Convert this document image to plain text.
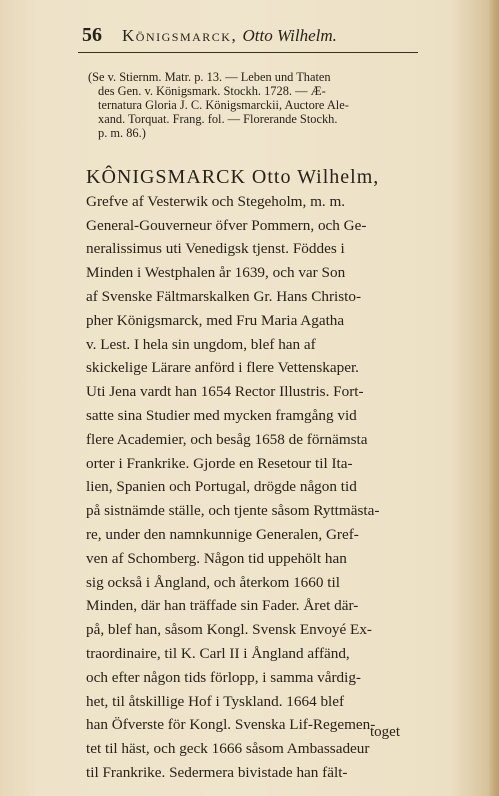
56 Königsmarck, Otto Wilhelm.
(Se v. Stiernm. Matr. p. 13. — Leben und Thaten
des Gen. v. Königsmark. Stockh. 1728. — Æ-
ternatura Gloria J. C. Königsmarckii, Auctore Ale-
xand. Torquat. Frang. fol. — Florerande Stockh.
p. m. 86.)
KÔNIGSMARCK Otto Wilhelm,
Grefve af Vesterwik och Stegeholm, m. m.
General-Gouverneur öfver Pommern, och Ge-
neralissimus uti Venedigsk tjenst. Föddes i
Minden i Westphalen år 1639, och var Son
af Svenske Fältmarskalken Gr. Hans Christo-
pher Königsmarck, med Fru Maria Agatha
v. Lest. I hela sin ungdom, blef han af
skickelige Lärare anförd i flere Vettenskaper.
Uti Jena vardt han 1654 Rector Illustris. Fort-
satte sina Studier med mycken framgång vid
flere Academier, och besåg 1658 de förnämsta
orter i Frankrike. Gjorde en Resetour til Ita-
lien, Spanien och Portugal, drögde någon tid
på sistnämde ställe, och tjente såsom Ryttmästa-
re, under den namnkunnige Generalen, Gref-
ven af Schomberg. Någon tid uppehölt han
sig också i Ångland, och återkom 1660 til
Minden, där han träffade sin Fader. Året där-
på, blef han, såsom Kongl. Svensk Envoyé Ex-
traordinaire, til K. Carl II i Ångland affänd,
och efter någon tids förlopp, i samma vårdig-
het, til åtskillige Hof i Tyskland. 1664 blef
han Öfverste för Kongl. Svenska Lif-Regemen-
tet til häst, och geck 1666 såsom Ambassadeur
til Frankrike. Sedermera bivistade han fält-
toget
